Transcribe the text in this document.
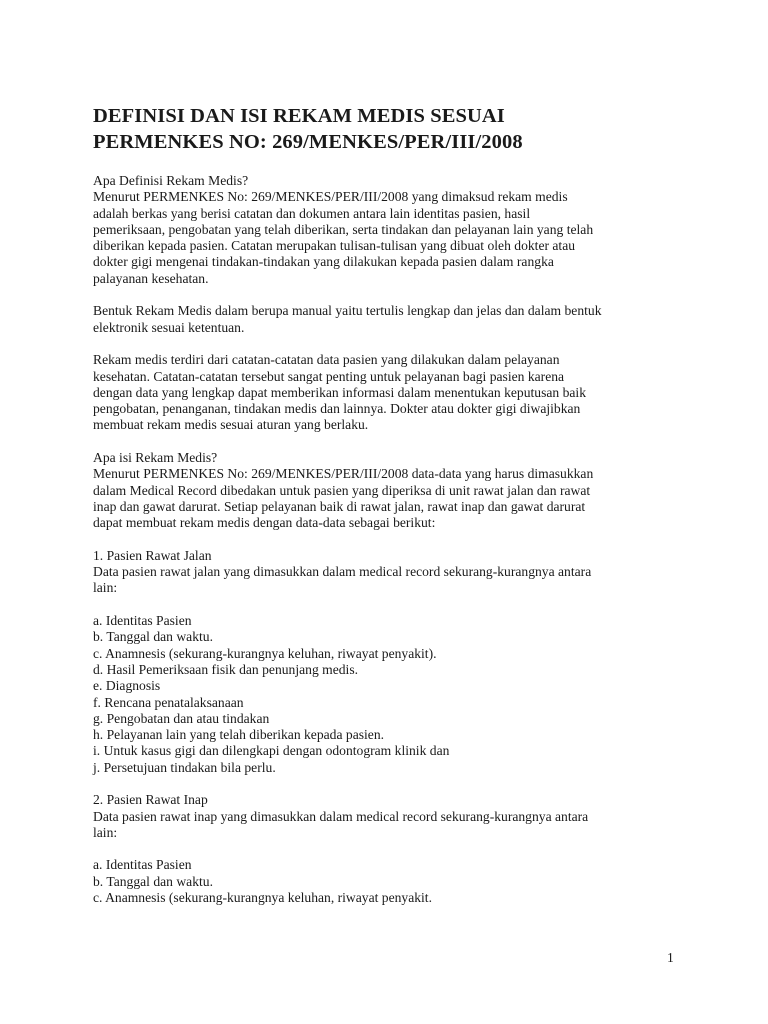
DEFINISI DAN ISI REKAM MEDIS SESUAI
PERMENKES NO: 269/MENKES/PER/III/2008

Apa Definisi Rekam Medis?

Menurut PERMENKES No: 269/MENKES/PER/III/2008 yang dimaksud rekam medis

adalah berkas yang berisi catatan dan dokumen antara lain identitas pasien, hasil

pemeriksaan, pengobatan yang telah diberikan, serta tindakan dan pelayanan lain yang telah

diberikan kepada pasien. Catatan merupakan tulisan-tulisan yang dibuat oleh dokter atau

dokter gigi mengenai tindakan-tindakan yang dilakukan kepada pasien dalam rangka

palayanan kesehatan.

Bentuk Rekam Medis dalam berupa manual yaitu tertulis lengkap dan jelas dan dalam bentuk

elektronik sesuai ketentuan.

Rekam medis terdiri dari catatan-catatan data pasien yang dilakukan dalam pelayanan

kesehatan. Catatan-catatan tersebut sangat penting untuk pelayanan bagi pasien karena

dengan data yang lengkap dapat memberikan informasi dalam menentukan keputusan baik

pengobatan, penanganan, tindakan medis dan lainnya. Dokter atau dokter gigi diwajibkan

membuat rekam medis sesuai aturan yang berlaku.

Apa isi Rekam Medis?

Menurut PERMENKES No: 269/MENKES/PER/III/2008 data-data yang harus dimasukkan

dalam Medical Record dibedakan untuk pasien yang diperiksa di unit rawat jalan dan rawat

inap dan gawat darurat. Setiap pelayanan baik di rawat jalan, rawat inap dan gawat darurat

dapat membuat rekam medis dengan data-data sebagai berikut:

1. Pasien Rawat Jalan

Data pasien rawat jalan yang dimasukkan dalam medical record sekurang-kurangnya antara

lain:

a. Identitas Pasien

b. Tanggal dan waktu.

c. Anamnesis (sekurang-kurangnya keluhan, riwayat penyakit).

d. Hasil Pemeriksaan fisik dan penunjang medis.

e. Diagnosis

f. Rencana penatalaksanaan

g. Pengobatan dan atau tindakan

h. Pelayanan lain yang telah diberikan kepada pasien.

i. Untuk kasus gigi dan dilengkapi dengan odontogram klinik dan

j. Persetujuan tindakan bila perlu.

2. Pasien Rawat Inap

Data pasien rawat inap yang dimasukkan dalam medical record sekurang-kurangnya antara

lain:

a. Identitas Pasien

b. Tanggal dan waktu.

c. Anamnesis (sekurang-kurangnya keluhan, riwayat penyakit.

1
